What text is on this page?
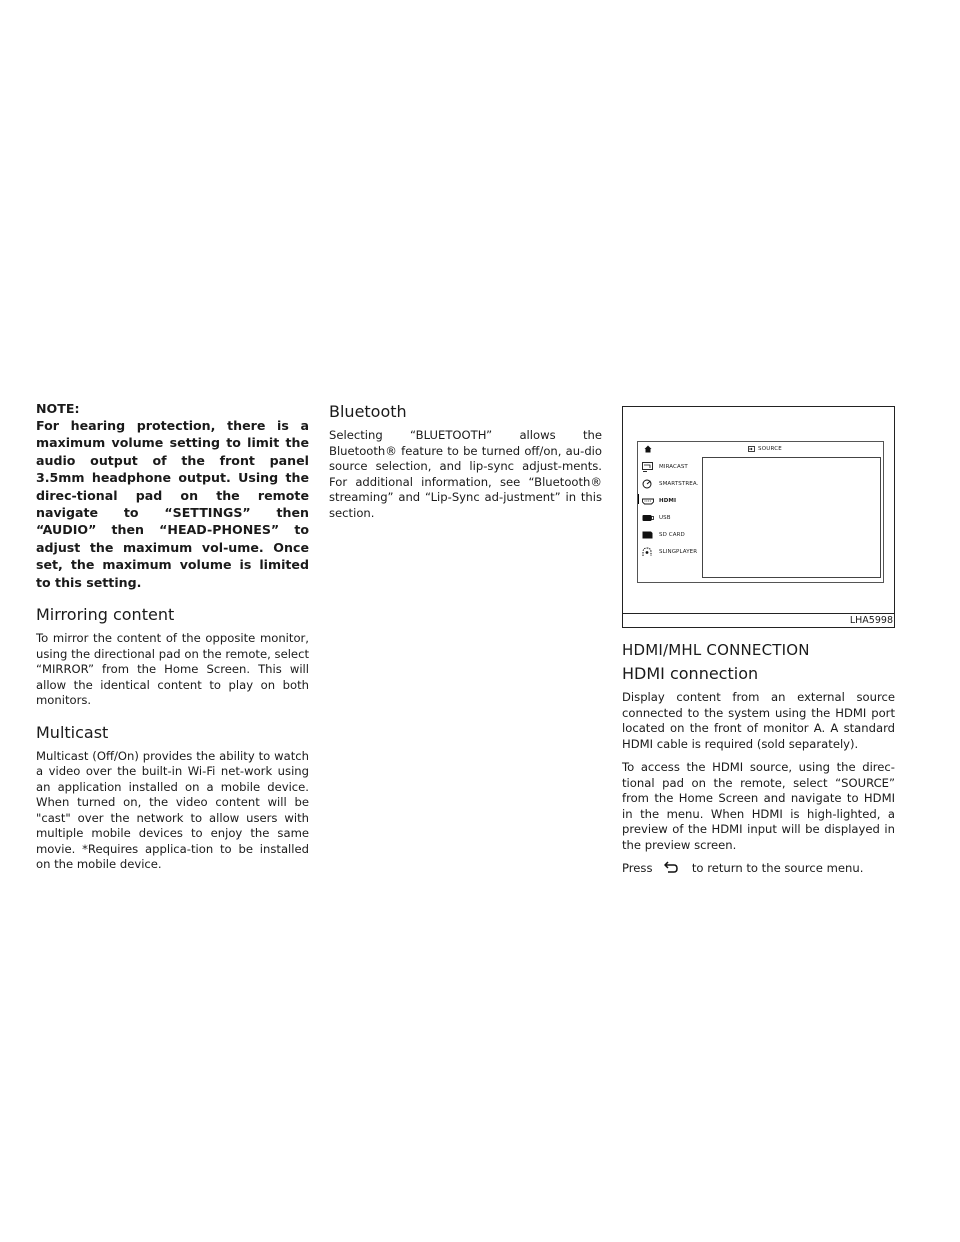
NOTE:

For hearing protection, there is a maximum volume setting to limit the audio output of the front panel 3.5mm headphone output. Using the direc-tional pad on the remote navigate to “SETTINGS” then “AUDIO” then “HEAD-PHONES” to adjust the maximum vol-ume. Once set, the maximum volume is limited to this setting.

Mirroring content

To mirror the content of the opposite monitor, using the directional pad on the remote, select “MIRROR” from the Home Screen. This will allow the identical content to play on both monitors.

Multicast

Multicast (Off/On) provides the ability to watch a video over the built-in Wi-Fi net-work using an application installed on a mobile device. When turned on, the video content will be "cast" over the network to allow users with multiple mobile devices to enjoy the same movie. *Requires applica-tion to be installed on the mobile device.

Bluetooth

Selecting “BLUETOOTH” allows the Bluetooth® feature to be turned off/on, au-dio source selection, and lip-sync adjust-ments. For additional information, see “Bluetooth® streaming” and “Lip-Sync ad-justment” in this section.

SOURCE
MIRACAST
SMARTSTREA.
HDMI
USB
SD CARD
SLINGPLAYER
LHA5998
HDMI/MHL CONNECTION
HDMI connection

Display content from an external source connected to the system using the HDMI port located on the front of monitor A. A standard HDMI cable is required (sold separately).

To access the HDMI source, using the direc-tional pad on the remote, select “SOURCE” from the Home Screen and navigate to HDMI in the menu. When HDMI is high-lighted, a preview of the HDMI input will be displayed in the preview screen.

Press	to return to the source menu.
